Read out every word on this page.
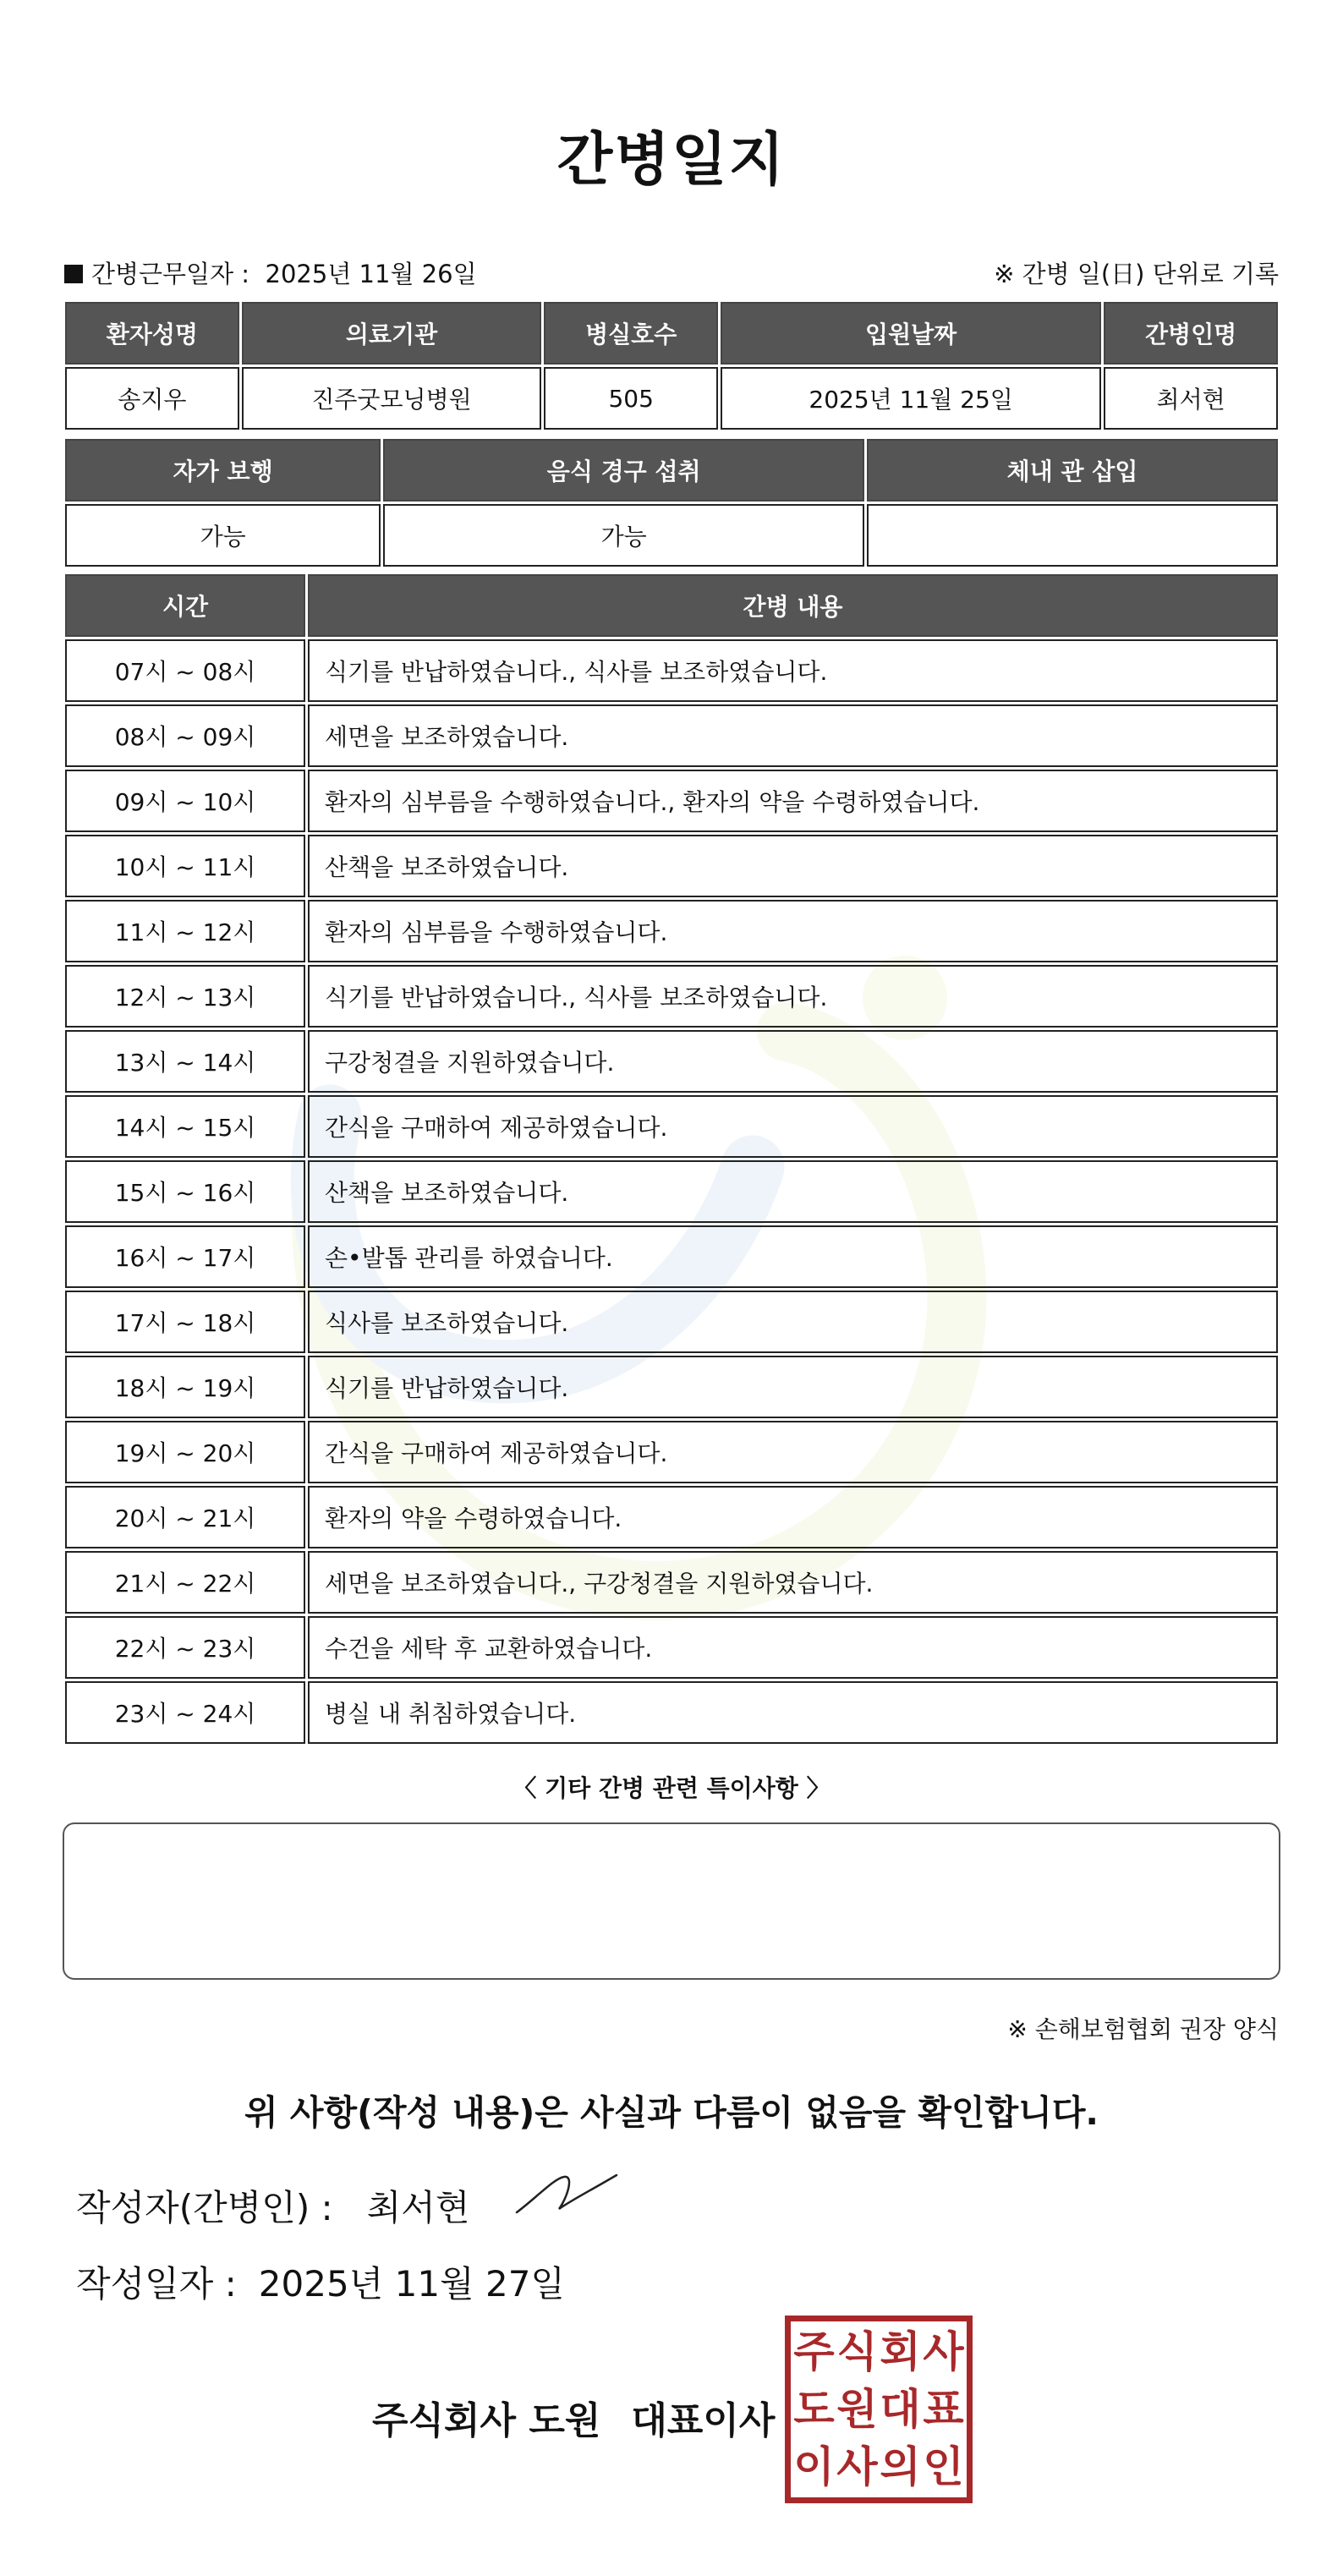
간병일지
간병근무일자 : 2025년 11월 26일	※ 간병 일(日) 단위로 기록
환자성명	의료기관	병실호수	입원날짜	간병인명
송지우	진주굿모닝병원	505	2025년 11월 25일	최서현
자가 보행	음식 경구 섭취	체내 관 삽입
가능	가능	
시간	간병 내용
07시 ~ 08시	식기를 반납하였습니다., 식사를 보조하였습니다.
08시 ~ 09시	세면을 보조하였습니다.
09시 ~ 10시	환자의 심부름을 수행하였습니다., 환자의 약을 수령하였습니다.
10시 ~ 11시	산책을 보조하였습니다.
11시 ~ 12시	환자의 심부름을 수행하였습니다.
12시 ~ 13시	식기를 반납하였습니다., 식사를 보조하였습니다.
13시 ~ 14시	구강청결을 지원하였습니다.
14시 ~ 15시	간식을 구매하여 제공하였습니다.
15시 ~ 16시	산책을 보조하였습니다.
16시 ~ 17시	손•발톱 관리를 하였습니다.
17시 ~ 18시	식사를 보조하였습니다.
18시 ~ 19시	식기를 반납하였습니다.
19시 ~ 20시	간식을 구매하여 제공하였습니다.
20시 ~ 21시	환자의 약을 수령하였습니다.
21시 ~ 22시	세면을 보조하였습니다., 구강청결을 지원하였습니다.
22시 ~ 23시	수건을 세탁 후 교환하였습니다.
23시 ~ 24시	병실 내 취침하였습니다.
〈 기타 간병 관련 특이사항 〉
※ 손해보험협회 권장 양식
위 사항(작성 내용)은 사실과 다름이 없음을 확인합니다.
작성자(간병인) : 최서현
작성일자 : 2025년 11월 27일
주식회사 도원 대표이사
주 식 회 사
도 원 대 표
이 사 의 인
